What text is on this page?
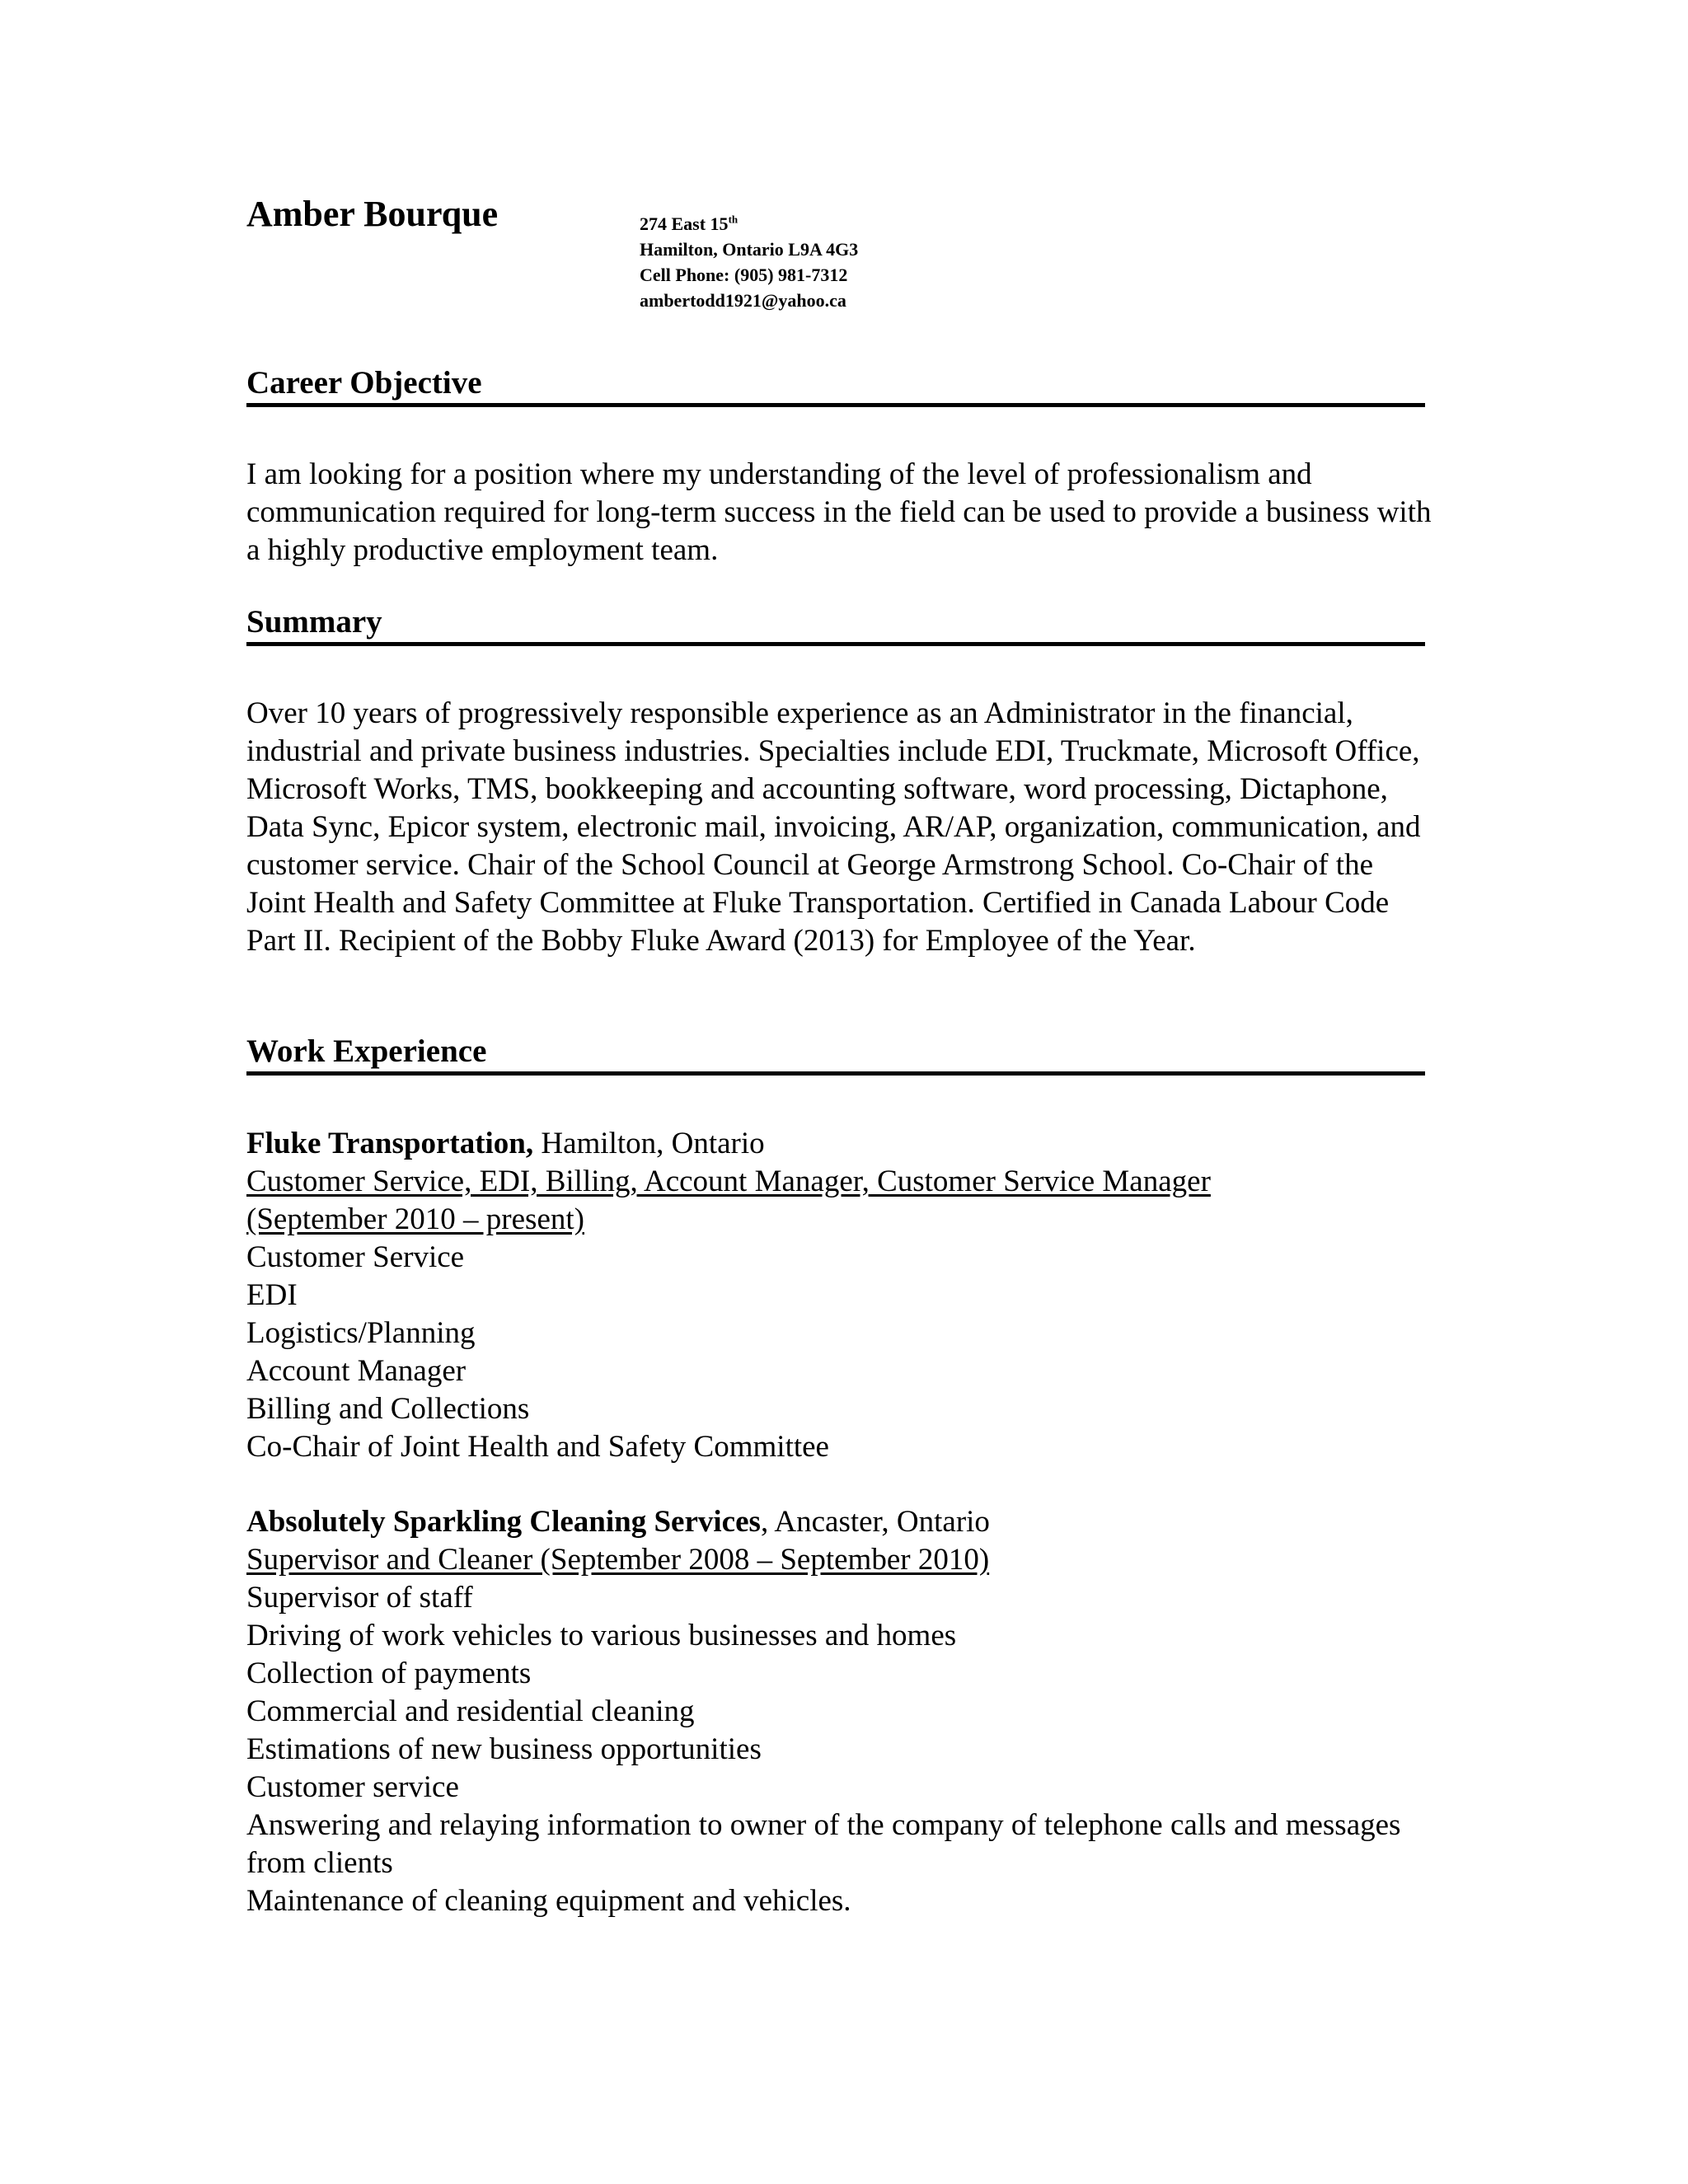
Amber Bourque	274 East 15th
Hamilton, Ontario L9A 4G3
Cell Phone: (905) 981-7312
ambertodd1921@yahoo.ca
Career Objective
I am looking for a position where my understanding of the level of professionalism and communication required for long-term success in the field can be used to provide a business with a highly productive employment team.
Summary
Over 10 years of progressively responsible experience as an Administrator in the financial, industrial and private business industries. Specialties include EDI, Truckmate, Microsoft Office, Microsoft Works, TMS, bookkeeping and accounting software, word processing, Dictaphone, Data Sync, Epicor system, electronic mail, invoicing, AR/AP, organization, communication, and customer service. Chair of the School Council at George Armstrong School. Co-Chair of the Joint Health and Safety Committee at Fluke Transportation. Certified in Canada Labour Code Part II. Recipient of the Bobby Fluke Award (2013) for Employee of the Year.
Work Experience
Fluke Transportation, Hamilton, Ontario
Customer Service, EDI, Billing, Account Manager, Customer Service Manager
(September 2010 – present)
Customer Service
EDI
Logistics/Planning
Account Manager
Billing and Collections
Co-Chair of Joint Health and Safety Committee
Absolutely Sparkling Cleaning Services, Ancaster, Ontario
Supervisor and Cleaner (September 2008 – September 2010)
Supervisor of staff
Driving of work vehicles to various businesses and homes
Collection of payments
Commercial and residential cleaning
Estimations of new business opportunities
Customer service
Answering and relaying information to owner of the company of telephone calls and messages from clients
Maintenance of cleaning equipment and vehicles.
